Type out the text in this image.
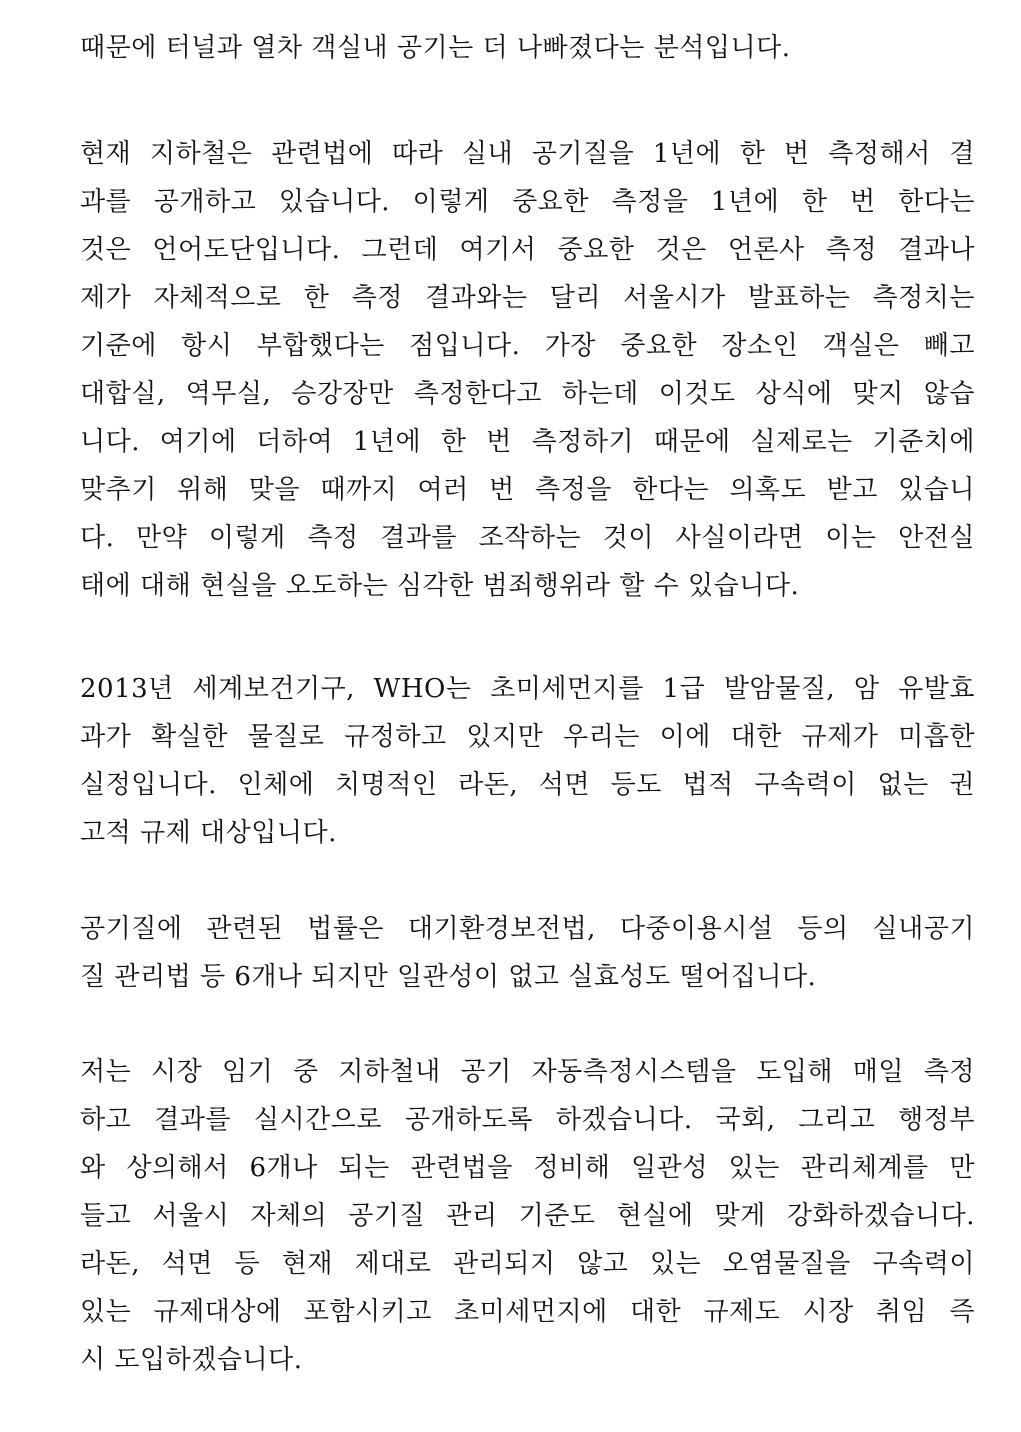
때문에 터널과 열차 객실내 공기는 더 나빠졌다는 분석입니다.
현재 지하철은 관련법에 따라 실내 공기질을 1년에 한 번 측정해서 결
과를 공개하고 있습니다. 이렇게 중요한 측정을 1년에 한 번 한다는
것은 언어도단입니다. 그런데 여기서 중요한 것은 언론사 측정 결과나
제가 자체적으로 한 측정 결과와는 달리 서울시가 발표하는 측정치는
기준에 항시 부합했다는 점입니다. 가장 중요한 장소인 객실은 빼고
대합실, 역무실, 승강장만 측정한다고 하는데 이것도 상식에 맞지 않습
니다. 여기에 더하여 1년에 한 번 측정하기 때문에 실제로는 기준치에
맞추기 위해 맞을 때까지 여러 번 측정을 한다는 의혹도 받고 있습니
다. 만약 이렇게 측정 결과를 조작하는 것이 사실이라면 이는 안전실
태에 대해 현실을 오도하는 심각한 범죄행위라 할 수 있습니다.
2013년 세계보건기구, WHO는 초미세먼지를 1급 발암물질, 암 유발효
과가 확실한 물질로 규정하고 있지만 우리는 이에 대한 규제가 미흡한
실정입니다. 인체에 치명적인 라돈, 석면 등도 법적 구속력이 없는 권
고적 규제 대상입니다.
공기질에 관련된 법률은 대기환경보전법, 다중이용시설 등의 실내공기
질 관리법 등 6개나 되지만 일관성이 없고 실효성도 떨어집니다.
저는 시장 임기 중 지하철내 공기 자동측정시스템을 도입해 매일 측정
하고 결과를 실시간으로 공개하도록 하겠습니다. 국회, 그리고 행정부
와 상의해서 6개나 되는 관련법을 정비해 일관성 있는 관리체계를 만
들고 서울시 자체의 공기질 관리 기준도 현실에 맞게 강화하겠습니다.
라돈, 석면 등 현재 제대로 관리되지 않고 있는 오염물질을 구속력이
있는 규제대상에 포함시키고 초미세먼지에 대한 규제도 시장 취임 즉
시 도입하겠습니다.
